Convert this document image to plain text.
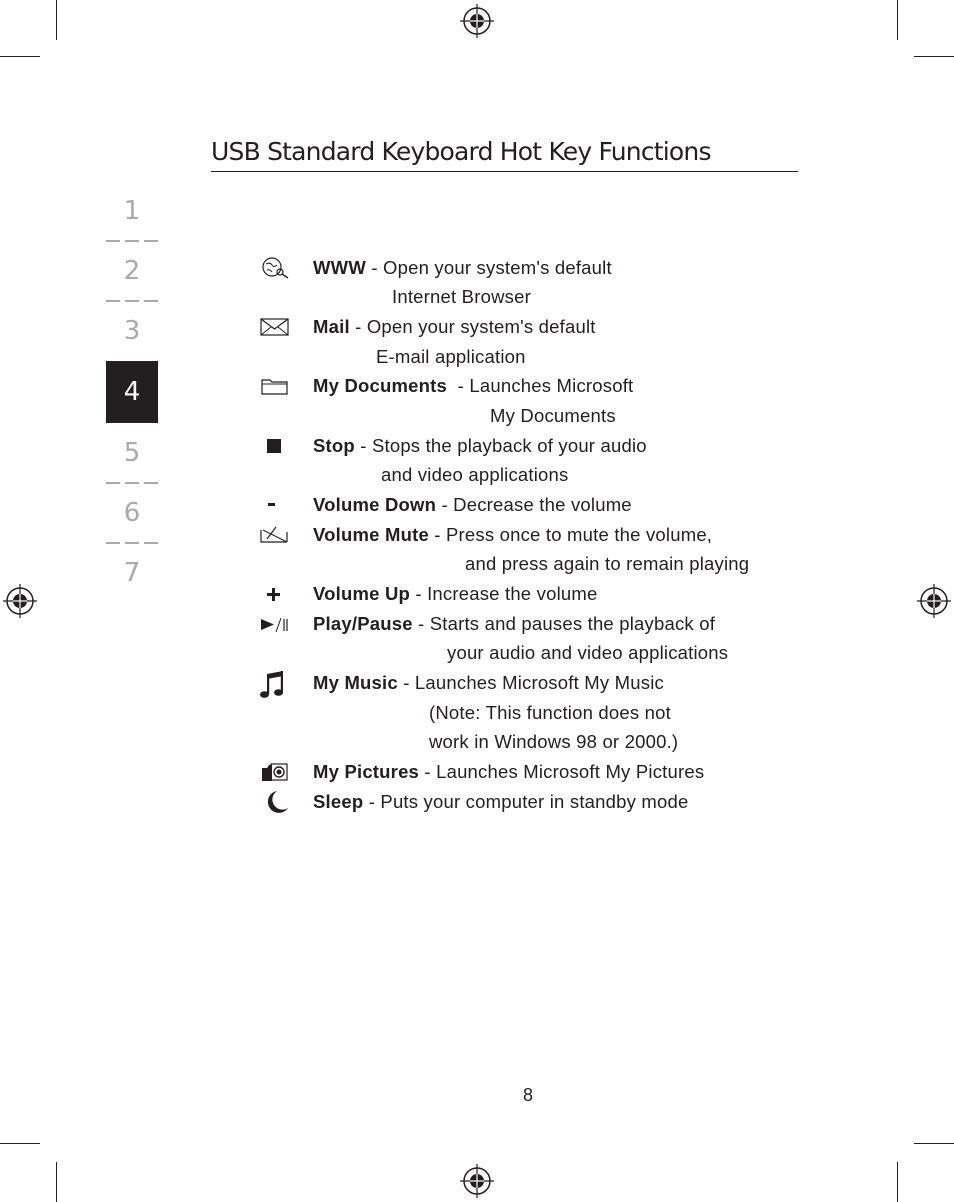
USB Standard Keyboard Hot Key Functions
1
2
3
4
5
6
7
WWW - Open your system's default
Internet Browser
Mail - Open your system's default
E-mail application
My Documents  - Launches Microsoft
My Documents
Stop - Stops the playback of your audio
and video applications
Volume Down - Decrease the volume
Volume Mute - Press once to mute the volume,
and press again to remain playing
Volume Up - Increase the volume
Play/Pause - Starts and pauses the playback of
your audio and video applications
My Music - Launches Microsoft My Music
(Note: This function does not
work in Windows 98 or 2000.)
My Pictures - Launches Microsoft My Pictures
Sleep - Puts your computer in standby mode
8
